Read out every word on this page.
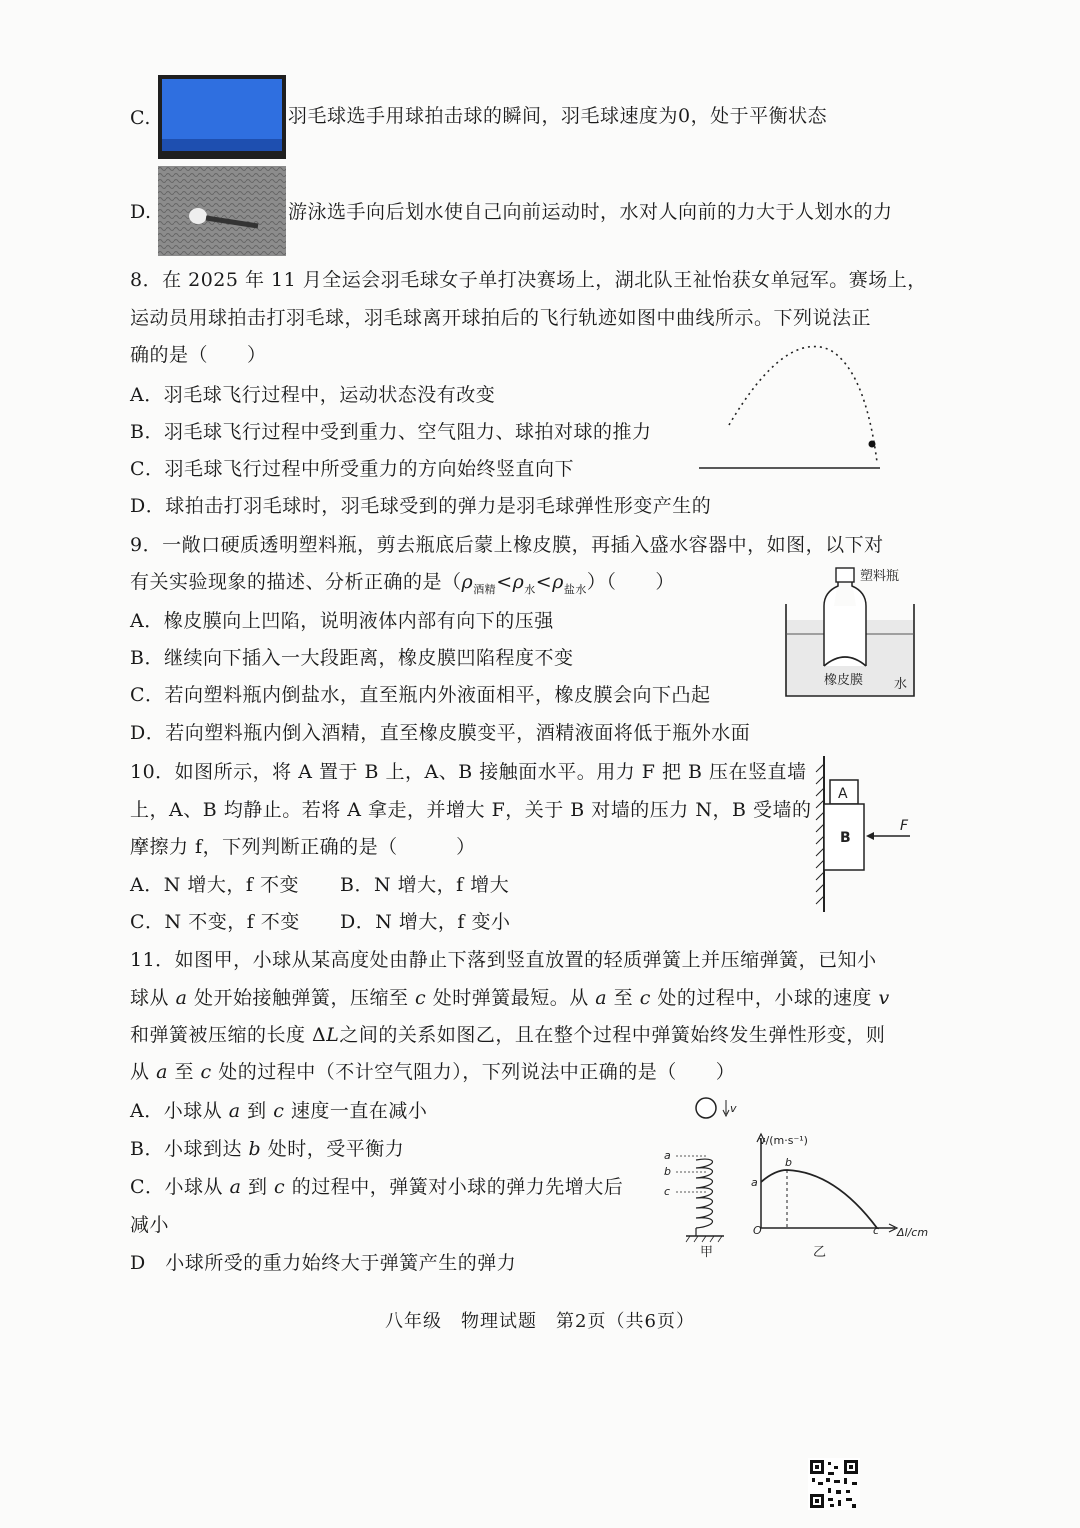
C.	羽毛球选手用球拍击球的瞬间，羽毛球速度为0，处于平衡状态
D.	游泳选手向后划水使自己向前运动时，水对人向前的力大于人划水的力
8．在 2025 年 11 月全运会羽毛球女子单打决赛场上，湖北队王祉怡获女单冠军。赛场上，
运动员用球拍击打羽毛球，羽毛球离开球拍后的飞行轨迹如图中曲线所示。下列说法正
确的是（　　）
A．羽毛球飞行过程中，运动状态没有改变
B．羽毛球飞行过程中受到重力、空气阻力、球拍对球的推力
C．羽毛球飞行过程中所受重力的方向始终竖直向下
D．球拍击打羽毛球时，羽毛球受到的弹力是羽毛球弹性形变产生的
9．一敞口硬质透明塑料瓶，剪去瓶底后蒙上橡皮膜，再插入盛水容器中，如图，以下对
有关实验现象的描述、分析正确的是$(\rho_{酒精}<\rho_水<\rho_{盐水})$（　　）
A．橡皮膜向上凹陷，说明液体内部有向下的压强
B．继续向下插入一大段距离，橡皮膜凹陷程度不变
C．若向塑料瓶内倒盐水，直至瓶内外液面相平，橡皮膜会向下凸起
D．若向塑料瓶内倒入酒精，直至橡皮膜变平，酒精液面将低于瓶外水面
塑料瓶
橡皮膜 水
10．如图所示，将 A 置于 B 上，A、B 接触面水平。用力 F 把 B 压在竖直墙
上，A、B 均静止。若将 A 拿走，并增大 F，关于 B 对墙的压力 N，B 受墙的
摩擦力 f，下列判断正确的是（　　　）
A．N 增大，f 不变 B．N 增大，f 增大
C．N 不变，f 不变 D．N 增大，f 变小
A
B
F
11．如图甲，小球从某高度处由静止下落到竖直放置的轻质弹簧上并压缩弹簧，已知小
球从 a 处开始接触弹簧，压缩至 c 处时弹簧最短。从 a 至 c 处的过程中，小球的速度 v
和弹簧被压缩的长度 ΔL之间的关系如图乙，且在整个过程中弹簧始终发生弹性形变，则
从 a 至 c 处的过程中（不计空气阻力），下列说法中正确的是（　　）
A．小球从 a 到 c 速度一直在减小
B．小球到达 b 处时，受平衡力
C．小球从 a 到 c 的过程中，弹簧对小球的弹力先增大后
减小
D　小球所受的重力始终大于弹簧产生的弹力
v
a
b
c
甲
v/(m·s⁻¹)
a
b
c
O	Δl/cm
乙
八年级　物理试题　第2页（共6页）
